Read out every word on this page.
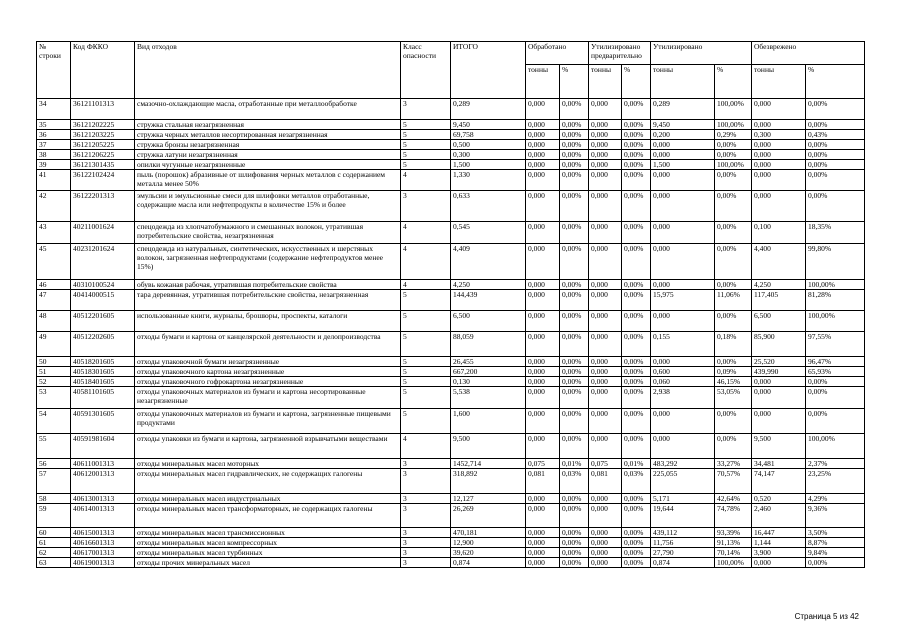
№ строки	Код ФККО	Вид отходов	Класс опасности	ИТОГО	Обработано		Утилизировано предварительно		Утилизировано		Обезврежено	
					тонны	%	тонны	%	тонны	%	тонны	%
34	36121101313	смазочно-охлаждающие масла, отработанные при металлообработке	3	0,289	0,000	0,00%	0,000	0,00%	0,289	100,00%	0,000	0,00%
35	36121202225	стружка стальная незагрязненная	5	9,450	0,000	0,00%	0,000	0,00%	9,450	100,00%	0,000	0,00%
36	36121203225	стружка черных металлов несортированная незагрязненная	5	69,758	0,000	0,00%	0,000	0,00%	0,200	0,29%	0,300	0,43%
37	36121205225	стружка бронзы незагрязненная	5	0,500	0,000	0,00%	0,000	0,00%	0,000	0,00%	0,000	0,00%
38	36121206225	стружка латуни незагрязненная	5	0,300	0,000	0,00%	0,000	0,00%	0,000	0,00%	0,000	0,00%
39	36121301435	опилки чугунные незагрязненные	5	1,500	0,000	0,00%	0,000	0,00%	1,500	100,00%	0,000	0,00%
41	36122102424	пыль (порошок) абразивные от шлифования черных металлов с содержанием металла менее 50%	4	1,330	0,000	0,00%	0,000	0,00%	0,000	0,00%	0,000	0,00%
42	36122201313	эмульсии и эмульсионные смеси для шлифовки металлов отработанные, содержащие масла или нефтепродукты в количестве 15% и более	3	0,633	0,000	0,00%	0,000	0,00%	0,000	0,00%	0,000	0,00%
43	40211001624	спецодежда из хлопчатобумажного и смешанных волокон, утратившая потребительские свойства, незагрязненная	4	0,545	0,000	0,00%	0,000	0,00%	0,000	0,00%	0,100	18,35%
45	40231201624	спецодежда из натуральных, синтетических, искусственных и шерстяных волокон, загрязненная нефтепродуктами (содержание нефтепродуктов менее 15%)	4	4,409	0,000	0,00%	0,000	0,00%	0,000	0,00%	4,400	99,80%
46	40310100524	обувь кожаная рабочая, утратившая потребительские свойства	4	4,250	0,000	0,00%	0,000	0,00%	0,000	0,00%	4,250	100,00%
47	40414000515	тара деревянная, утратившая потребительские свойства, незагрязненная	5	144,439	0,000	0,00%	0,000	0,00%	15,975	11,06%	117,405	81,28%
48	40512201605	использованные книги, журналы, брошюры, проспекты, каталоги	5	6,500	0,000	0,00%	0,000	0,00%	0,000	0,00%	6,500	100,00%
49	40512202605	отходы бумаги и картона от канцелярской деятельности и делопроизводства	5	88,059	0,000	0,00%	0,000	0,00%	0,155	0,18%	85,900	97,55%
50	40518201605	отходы упаковочной бумаги незагрязненные	5	26,455	0,000	0,00%	0,000	0,00%	0,000	0,00%	25,520	96,47%
51	40518301605	отходы упаковочного картона незагрязненные	5	667,200	0,000	0,00%	0,000	0,00%	0,600	0,09%	439,990	65,93%
52	40518401605	отходы упаковочного гофрокартона незагрязненные	5	0,130	0,000	0,00%	0,000	0,00%	0,060	46,15%	0,000	0,00%
53	40581101605	отходы упаковочных материалов из бумаги и картона несортированные незагрязненные	5	5,538	0,000	0,00%	0,000	0,00%	2,938	53,05%	0,000	0,00%
54	40591301605	отходы упаковочных материалов из бумаги и картона, загрязненные пищевыми продуктами	5	1,600	0,000	0,00%	0,000	0,00%	0,000	0,00%	0,000	0,00%
55	40591981604	отходы упаковки из бумаги и картона, загрязненной взрывчатыми веществами	4	9,500	0,000	0,00%	0,000	0,00%	0,000	0,00%	9,500	100,00%
56	40611001313	отходы минеральных масел моторных	3	1452,714	0,075	0,01%	0,075	0,01%	483,292	33,27%	34,481	2,37%
57	40612001313	отходы минеральных масел гидравлических, не содержащих галогены	3	318,892	0,081	0,03%	0,081	0,03%	225,055	70,57%	74,147	23,25%
58	40613001313	отходы минеральных масел индустриальных	3	12,127	0,000	0,00%	0,000	0,00%	5,171	42,64%	0,520	4,29%
59	40614001313	отходы минеральных масел трансформаторных, не содержащих галогены	3	26,269	0,000	0,00%	0,000	0,00%	19,644	74,78%	2,460	9,36%
60	40615001313	отходы минеральных масел трансмиссионных	3	470,181	0,000	0,00%	0,000	0,00%	439,112	93,39%	16,447	3,50%
61	40616601313	отходы минеральных масел компрессорных	3	12,900	0,000	0,00%	0,000	0,00%	11,756	91,13%	1,144	8,87%
62	40617001313	отходы минеральных масел турбинных	3	39,620	0,000	0,00%	0,000	0,00%	27,790	70,14%	3,900	9,84%
63	40619001313	отходы прочих минеральных масел	3	0,874	0,000	0,00%	0,000	0,00%	0,874	100,00%	0,000	0,00%
Страница 5 из 42
